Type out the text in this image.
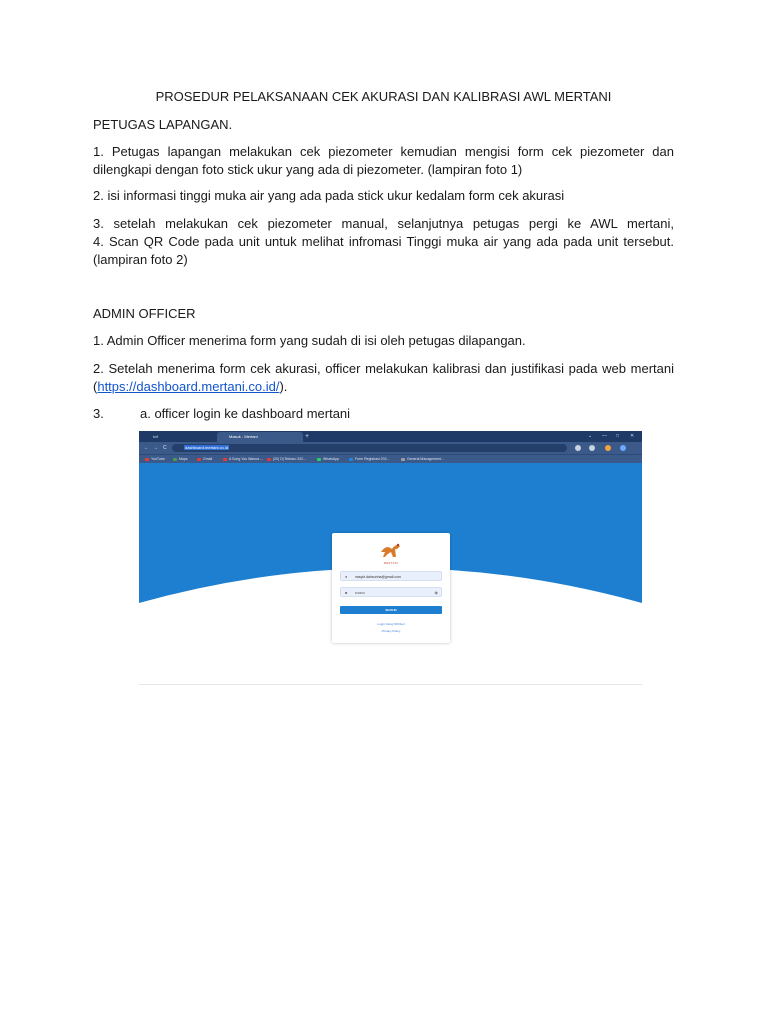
PROSEDUR PELAKSANAAN CEK AKURASI DAN KALIBRASI AWL MERTANI

PETUGAS LAPANGAN.

1. Petugas lapangan melakukan cek piezometer kemudian mengisi form cek piezometer dan dilengkapi dengan foto stick ukur yang ada di piezometer. (lampiran foto 1)

2. isi informasi tinggi muka air yang ada pada stick ukur kedalam form cek akurasi

3. setelah melakukan cek piezometer manual, selanjutnya petugas pergi ke AWL mertani,

4. Scan QR Code pada unit untuk melihat infromasi Tinggi muka air yang ada pada unit tersebut. (lampiran foto 2)

ADMIN OFFICER

1. Admin Officer menerima form yang sudah di isi oleh petugas dilapangan.

2. Setelah menerima form cek akurasi, officer melakukan kalibrasi dan justifikasi pada web mertani (https://dashboard.mertani.co.id/).

3.	a. officer login ke dashboard mertani

tcif	Masuk - Mertani	+	⌄ — □ ✕
← → C	dashboard.mertani.co.id
YouTube	Maps	Gmail	A Song You Wanna ...	(20) Dj Terbaru 202...	WhatsApp	Form Registrasi 202...	General Management...
MERTANI
● nasyid.dahsunha@gmail.com
■ ••••••••	◉
SIGN IN
Login Using NIK/Gol
Privacy Policy
